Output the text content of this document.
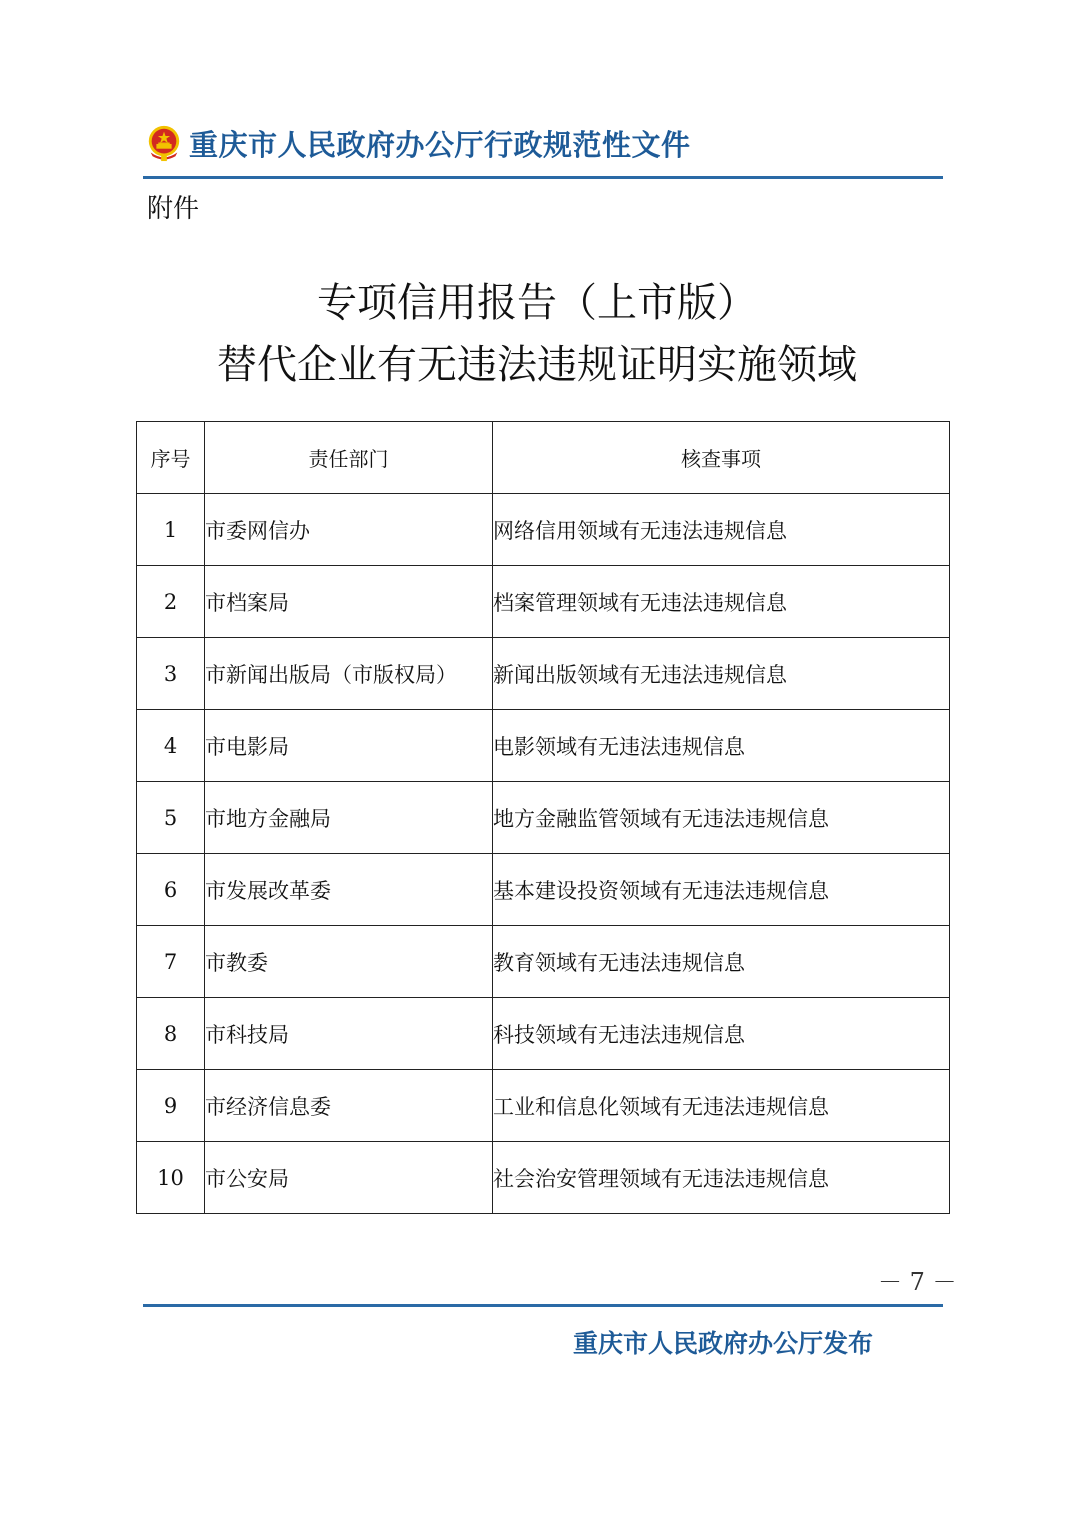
重庆市人民政府办公厅行政规范性文件
附件
专项信用报告（上市版）
替代企业有无违法违规证明实施领域
序号	责任部门	核查事项
1	市委网信办	网络信用领域有无违法违规信息
2	市档案局	档案管理领域有无违法违规信息
3	市新闻出版局（市版权局）	新闻出版领域有无违法违规信息
4	市电影局	电影领域有无违法违规信息
5	市地方金融局	地方金融监管领域有无违法违规信息
6	市发展改革委	基本建设投资领域有无违法违规信息
7	市教委	教育领域有无违法违规信息
8	市科技局	科技领域有无违法违规信息
9	市经济信息委	工业和信息化领域有无违法违规信息
10	市公安局	社会治安管理领域有无违法违规信息
－ 7 －
重庆市人民政府办公厅发布
